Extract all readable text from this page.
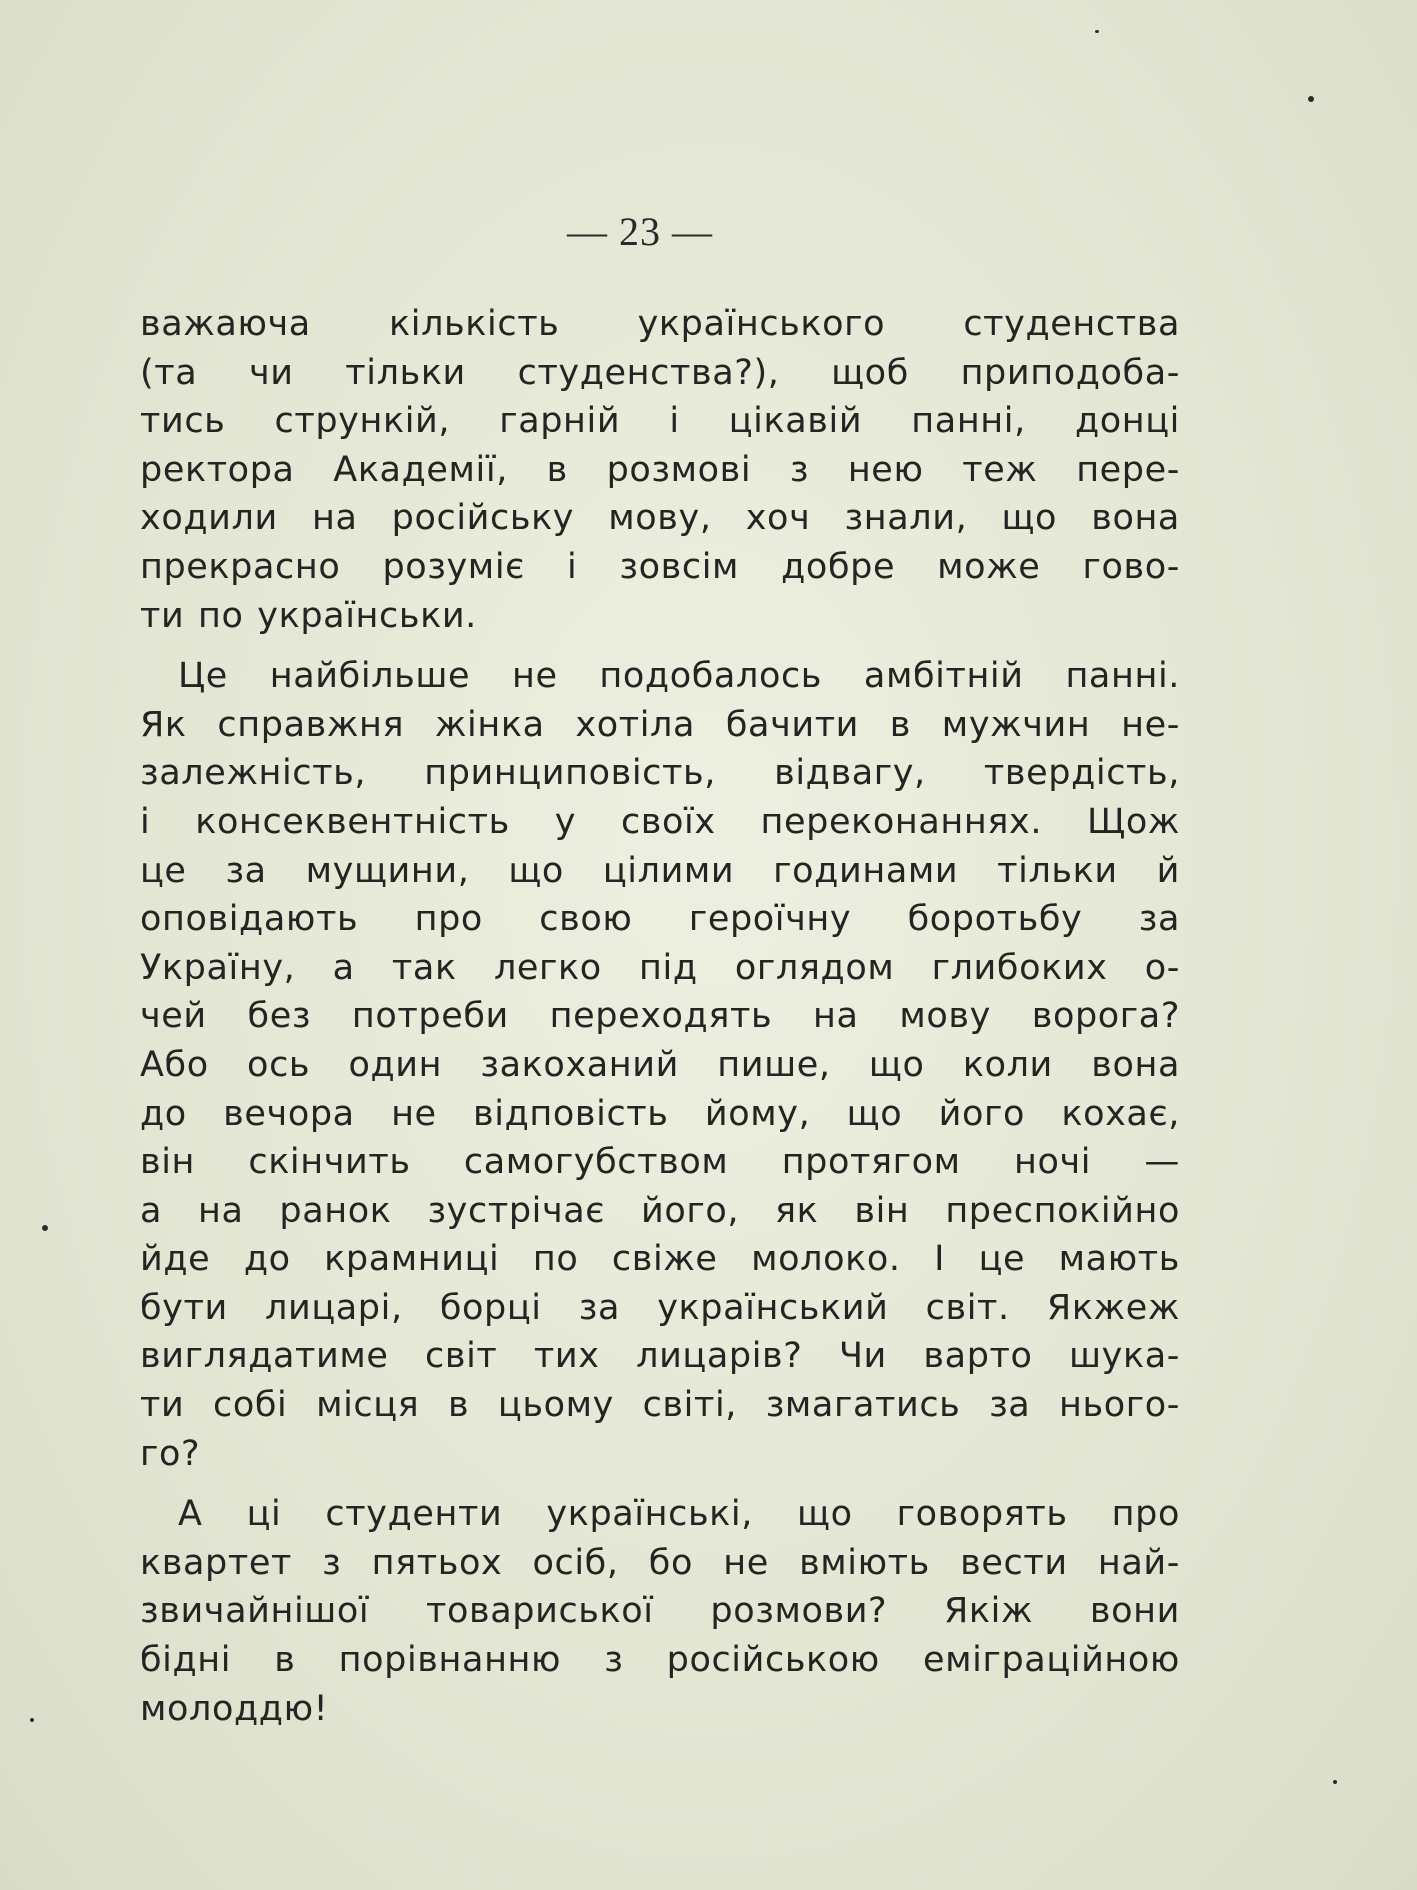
— 23 —
важаюча кількість українського студенства
(та чи тільки студенства?), щоб приподоба-
тись стрункій, гарній і цікавій панні, донці
ректора Академії, в розмові з нею теж пере-
ходили на російську мову, хоч знали, що вона
прекрасно розуміє і зовсім добре може гово-
ти по українськи.
Це найбільше не подобалось амбітній панні.
Як справжня жінка хотіла бачити в мужчин не-
залежність, принциповість, відвагу, твердість,
і консеквентність у своїх переконаннях. Щож
це за мущини, що цілими годинами тільки й
оповідають про свою героїчну боротьбу за
Україну, а так легко під оглядом глибоких о-
чей без потреби переходять на мову ворога?
Або ось один закоханий пише, що коли вона
до вечора не відповість йому, що його кохає,
він скінчить самогубством протягом ночі —
а на ранок зустрічає його, як він преспокійно
йде до крамниці по свіже молоко. І це мають
бути лицарі, борці за український світ. Якжеж
виглядатиме світ тих лицарів? Чи варто шука-
ти собі місця в цьому світі, змагатись за нього-
го?
А ці студенти українські, що говорять про
квартет з пятьох осіб, бо не вміють вести най-
звичайнішої товариської розмови? Якіж вони
бідні в порівнанню з російською еміграційною
молоддю!
